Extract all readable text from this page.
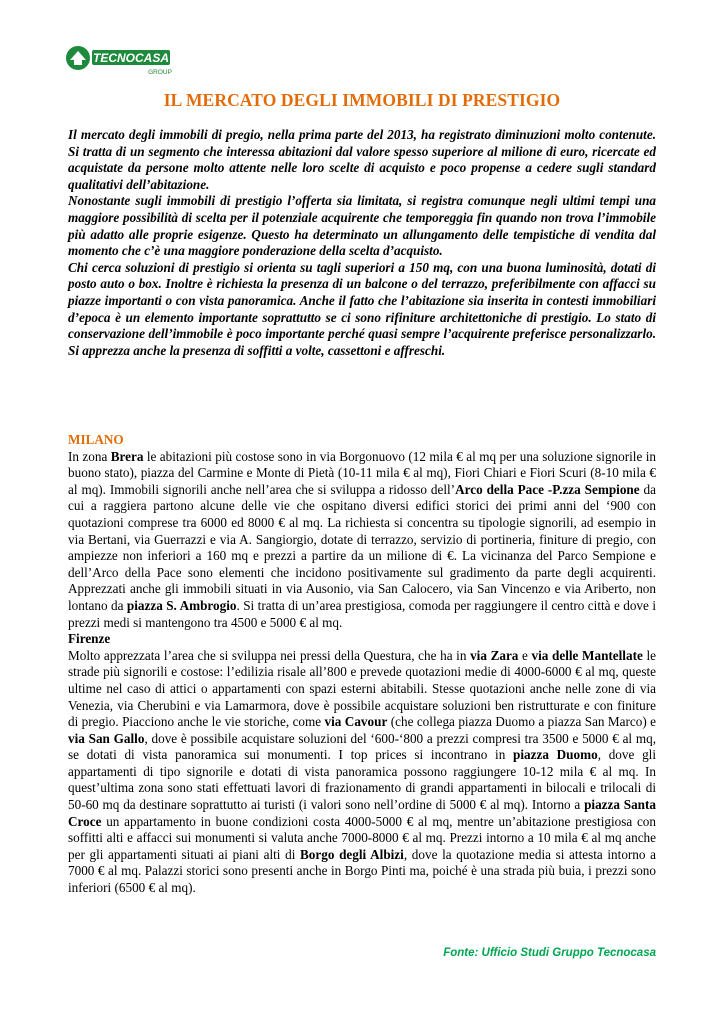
TECNOCASA
GROUP
IL MERCATO DEGLI IMMOBILI DI PRESTIGIO

Il mercato degli immobili di pregio, nella prima parte del 2013, ha registrato diminuzioni molto contenute. Si tratta di un segmento che interessa abitazioni dal valore spesso superiore al milione di euro, ricercate ed acquistate da persone molto attente nelle loro scelte di acquisto e poco propense a cedere sugli standard qualitativi dell’abitazione.

Nonostante sugli immobili di prestigio l’offerta sia limitata, si registra comunque negli ultimi tempi una maggiore possibilità di scelta per il potenziale acquirente che temporeggia fin quando non trova l’immobile più adatto alle proprie esigenze. Questo ha determinato un allungamento delle tempistiche di vendita dal momento che c’è una maggiore ponderazione della scelta d’acquisto.

Chi cerca soluzioni di prestigio si orienta su tagli superiori a 150 mq, con una buona luminosità, dotati di posto auto o box. Inoltre è richiesta la presenza di un balcone o del terrazzo, preferibilmente con affacci su piazze importanti o con vista panoramica. Anche il fatto che l’abitazione sia inserita in contesti immobiliari d’epoca è un elemento importante soprattutto se ci sono rifiniture architettoniche di prestigio. Lo stato di conservazione dell’immobile è poco importante perché quasi sempre l’acquirente preferisce personalizzarlo. Si apprezza anche la presenza di soffitti a volte, cassettoni e affreschi.

MILANO

In zona Brera le abitazioni più costose sono in via Borgonuovo (12 mila € al mq per una soluzione signorile in buono stato), piazza del Carmine e Monte di Pietà (10-11 mila € al mq), Fiori Chiari e Fiori Scuri (8-10 mila € al mq). Immobili signorili anche nell’area che si sviluppa a ridosso dell’Arco della Pace -P.zza Sempione da cui a raggiera partono alcune delle vie che ospitano diversi edifici storici dei primi anni del ‘900 con quotazioni comprese tra 6000 ed 8000 € al mq. La richiesta si concentra su tipologie signorili, ad esempio in via Bertani, via Guerrazzi e via A. Sangiorgio, dotate di terrazzo, servizio di portineria, finiture di pregio, con ampiezze non inferiori a 160 mq e prezzi a partire da un milione di €. La vicinanza del Parco Sempione e dell’Arco della Pace sono elementi che incidono positivamente sul gradimento da parte degli acquirenti. Apprezzati anche gli immobili situati in via Ausonio, via San Calocero, via San Vincenzo e via Ariberto, non lontano da piazza S. Ambrogio. Si tratta di un’area prestigiosa, comoda per raggiungere il centro città e dove i prezzi medi si mantengono tra 4500 e 5000 € al mq.

Firenze

Molto apprezzata l’area che si sviluppa nei pressi della Questura, che ha in via Zara e via delle Mantellate le strade più signorili e costose: l’edilizia risale all’800 e prevede quotazioni medie di 4000-6000 € al mq, queste ultime nel caso di attici o appartamenti con spazi esterni abitabili. Stesse quotazioni anche nelle zone di via Venezia, via Cherubini e via Lamarmora, dove è possibile acquistare soluzioni ben ristrutturate e con finiture di pregio. Piacciono anche le vie storiche, come via Cavour (che collega piazza Duomo a piazza San Marco) e via San Gallo, dove è possibile acquistare soluzioni del ‘600-‘800 a prezzi compresi tra 3500 e 5000 € al mq, se dotati di vista panoramica sui monumenti. I top prices si incontrano in piazza Duomo, dove gli appartamenti di tipo signorile e dotati di vista panoramica possono raggiungere 10-12 mila € al mq. In quest’ultima zona sono stati effettuati lavori di frazionamento di grandi appartamenti in bilocali e trilocali di 50-60 mq da destinare soprattutto ai turisti (i valori sono nell’ordine di 5000 € al mq). Intorno a piazza Santa Croce un appartamento in buone condizioni costa 4000-5000 € al mq, mentre un’abitazione prestigiosa con soffitti alti e affacci sui monumenti si valuta anche 7000-8000 € al mq. Prezzi intorno a 10 mila € al mq anche per gli appartamenti situati ai piani alti di Borgo degli Albizi, dove la quotazione media si attesta intorno a 7000 € al mq. Palazzi storici sono presenti anche in Borgo Pinti ma, poiché è una strada più buia, i prezzi sono inferiori (6500 € al mq).

Fonte: Ufficio Studi Gruppo Tecnocasa
